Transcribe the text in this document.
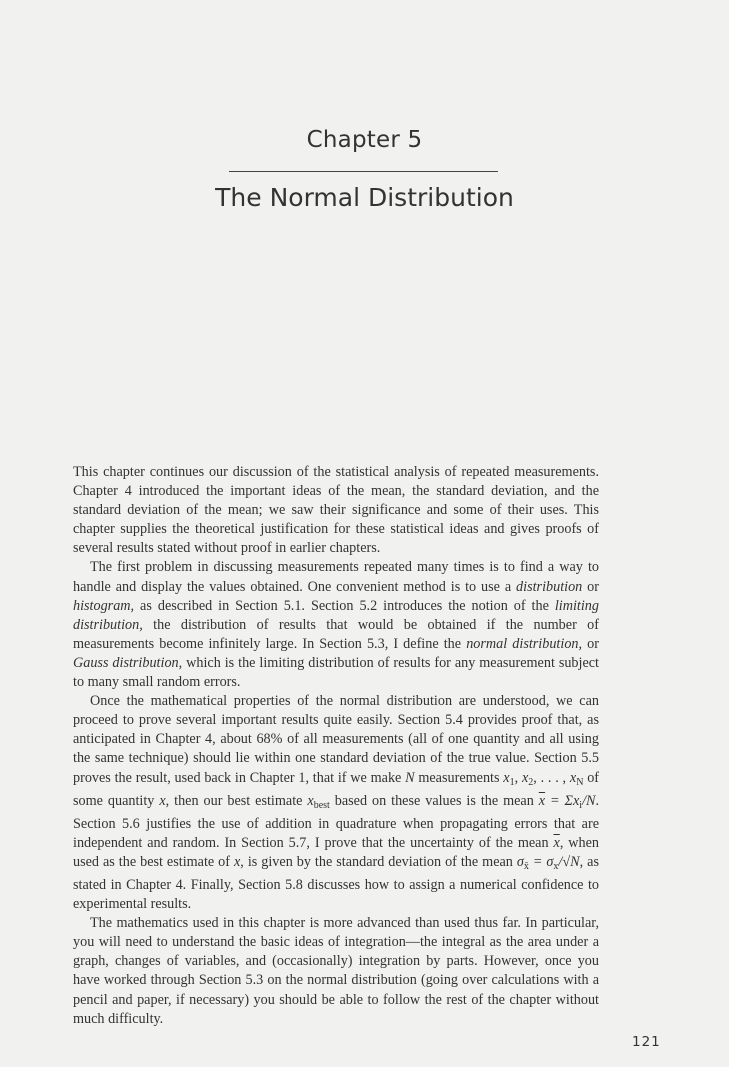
Chapter 5
The Normal Distribution

This chapter continues our discussion of the statistical analysis of repeated measurements. Chapter 4 introduced the important ideas of the mean, the standard deviation, and the standard deviation of the mean; we saw their significance and some of their uses. This chapter supplies the theoretical justification for these statistical ideas and gives proofs of several results stated without proof in earlier chapters.

The first problem in discussing measurements repeated many times is to find a way to handle and display the values obtained. One convenient method is to use a distribution or histogram, as described in Section 5.1. Section 5.2 introduces the notion of the limiting distribution, the distribution of results that would be obtained if the number of measurements become infinitely large. In Section 5.3, I define the normal distribution, or Gauss distribution, which is the limiting distribution of results for any measurement subject to many small random errors.

Once the mathematical properties of the normal distribution are understood, we can proceed to prove several important results quite easily. Section 5.4 provides proof that, as anticipated in Chapter 4, about 68% of all measurements (all of one quantity and all using the same technique) should lie within one standard deviation of the true value. Section 5.5 proves the result, used back in Chapter 1, that if we make N measurements $x_1$, $x_2$, . . . , $x_N$ of some quantity x, then our best estimate $x_{best}$ based on these values is the mean $\overline{x} = \Sigma x_i/N$. Section 5.6 justifies the use of addition in quadrature when propagating errors that are independent and random. In Section 5.7, I prove that the uncertainty of the mean $\overline{x}$, when used as the best estimate of x, is given by the standard deviation of the mean $\sigma_{x̄} = \sigma_x/√N$, as stated in Chapter 4. Finally, Section 5.8 discusses how to assign a numerical confidence to experimental results.

The mathematics used in this chapter is more advanced than used thus far. In particular, you will need to understand the basic ideas of integration—the integral as the area under a graph, changes of variables, and (occasionally) integration by parts. However, once you have worked through Section 5.3 on the normal distribution (going over calculations with a pencil and paper, if necessary) you should be able to follow the rest of the chapter without much difficulty.

121
